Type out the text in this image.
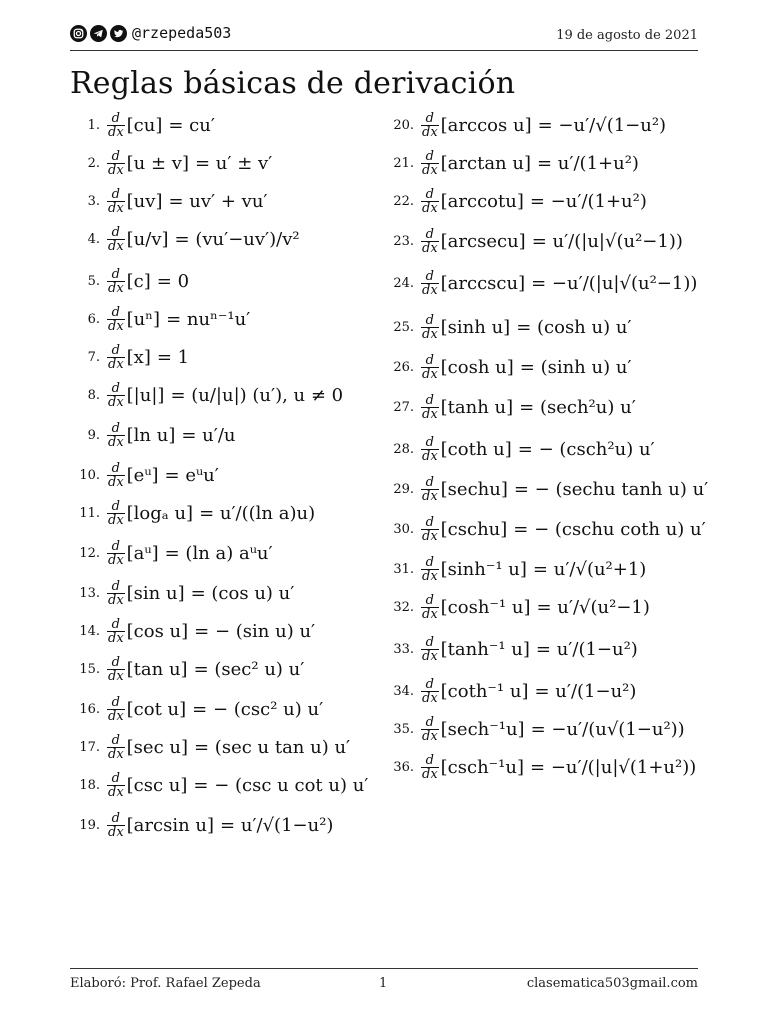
@rzepeda503	19 de agosto de 2021
Reglas básicas de derivación
1. $\frac{d}{dx} [cu] = cu'$
2. $\frac{d}{dx} [u \pm v] = u' \pm v'$
3. $\frac{d}{dx} [uv] = uv' + vu'$
4. $\frac{d}{dx} [u/v] = (vu'-uv')/v^2$
5. $\frac{d}{dx} [c] = 0$
6. $\frac{d}{dx} [u^n] = nu^{n-1}u'$
7. $\frac{d}{dx} [x] = 1$
8. $\frac{d}{dx} [|u|] = (u/|u|)$ (u′), u ≠ 0
9. $\frac{d}{dx} [\ln$ u] = u′/u
10. $\frac{d}{dx}$ [eᵘ] = eᵘu′
11. $\frac{d}{dx} [\log_a$ u] = u′/((ln a)u)
12. $\frac{d}{dx}$ [aᵘ] = (ln a) aᵘu′
13. $\frac{d}{dx} [\sin$ u] = (cos u) u′
14. $\frac{d}{dx} [\cos$ u] = − (sin u) u′
15. $\frac{d}{dx} [\tan$ u] = (sec² u) u′
16. $\frac{d}{dx} [\cot$ u] = − (csc² u) u′
17. $\frac{d}{dx} [\sec$ u] = (sec u tan u) u′
18. $\frac{d}{dx} [\csc$ u] = − (csc u cot u) u′
19. $\frac{d}{dx} [\arcsin$ u] = u′/√(1−u²)
20. $\frac{d}{dx} [\arccos$ u] = −u′/√(1−u²)
21. $\frac{d}{dx} [\arctan$ u] = u′/(1+u²)
22. $\frac{d}{dx} [arccotu] = -u'/(1+u^2)$
23. $\frac{d}{dx} [arcsecu] = u'/(|u|√(u^2-1))$
24. $\frac{d}{dx} [arccscu] = -u'/(|u|√(u^2-1))$
25. $\frac{d}{dx} [\sinh$ u] = (cosh u) u′
26. $\frac{d}{dx} [\cosh$ u] = (sinh u) u′
27. $\frac{d}{dx} [\tanh$ u] = (sech²u) u′
28. $\frac{d}{dx} [\cot h$ u] = − (csch²u) u′
29. $\frac{d}{dx}$ [sechu] = − (sechu tanh u) u′
30. $\frac{d}{dx}$ [cschu] = − (cschu coth u) u′
31. $\frac{d}{dx} [\sinh^{-1}$ u] = u′/√(u²+1)
32. $\frac{d}{dx} [\cosh^{-1}$ u] = u′/√(u²−1)
33. $\frac{d}{dx} [\tanh^{-1}$ u] = u′/(1−u²)
34. $\frac{d}{dx} [\cot h^{-1}$ u] = u′/(1−u²)
35. $\frac{d}{dx} [\sec h^{-1}u] = -u'/(u√(1-u^2))$
36. $\frac{d}{dx} [\csc h^{-1}u] = -u'/(|u|√(1+u^2))$
Elaboró: Prof. Rafael Zepeda	1	clasematica503gmail.com
